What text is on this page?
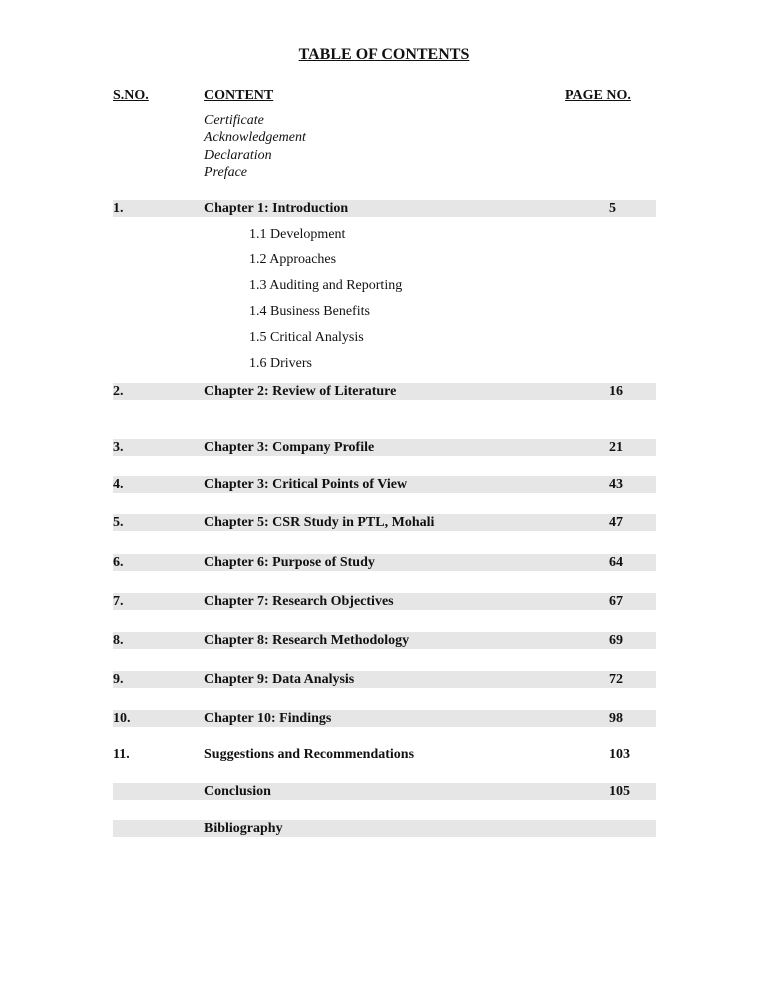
TABLE OF CONTENTS
S.NO.	CONTENT	PAGE NO.
Certificate
Acknowledgement
Declaration
Preface
1.	Chapter 1: Introduction	5
1.1 Development
1.2 Approaches
1.3 Auditing and Reporting
1.4 Business Benefits
1.5 Critical Analysis
1.6 Drivers
2.	Chapter 2: Review of Literature	16
3.	Chapter 3: Company Profile	21
4.	Chapter 3: Critical Points of View	43
5.	Chapter 5: CSR Study in PTL, Mohali	47
6.	Chapter 6: Purpose of Study	64
7.	Chapter 7: Research Objectives	67
8.	Chapter 8: Research Methodology	69
9.	Chapter 9: Data Analysis	72
10.	Chapter 10: Findings	98
11.	Suggestions and Recommendations	103
Conclusion	105
Bibliography
